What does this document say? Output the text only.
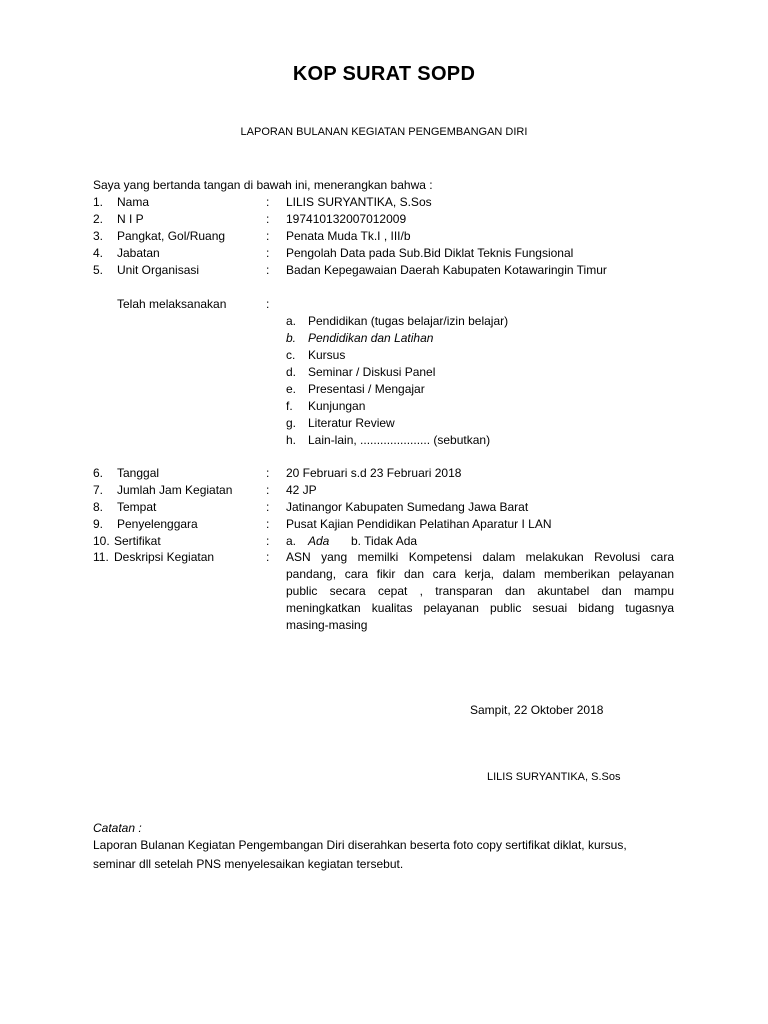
KOP SURAT SOPD
LAPORAN BULANAN KEGIATAN PENGEMBANGAN DIRI
Saya yang bertanda tangan di bawah ini, menerangkan bahwa :
1. Nama	: LILIS SURYANTIKA, S.Sos
2. N I P	: 197410132007012009
3. Pangkat, Gol/Ruang	: Penata Muda Tk.I , III/b
4. Jabatan	: Pengolah Data pada Sub.Bid Diklat Teknis Fungsional
5. Unit Organisasi	: Badan Kepegawaian Daerah Kabupaten Kotawaringin Timur
Telah melaksanakan	:
a. Pendidikan (tugas belajar/izin belajar)
b. Pendidikan dan Latihan
c. Kursus
d. Seminar / Diskusi Panel
e. Presentasi / Mengajar
f. Kunjungan
g. Literatur Review
h. Lain-lain, ..................... (sebutkan)
6. Tanggal	: 20 Februari s.d 23 Februari 2018
7. Jumlah Jam Kegiatan	: 42 JP
8. Tempat	: Jatinangor Kabupaten Sumedang Jawa Barat
9. Penyelenggara	: Pusat Kajian Pendidikan Pelatihan Aparatur I LAN
10. Sertifikat	: a. Ada b. Tidak Ada
11. Deskripsi Kegiatan	: ASN yang memilki Kompetensi dalam melakukan Revolusi cara
pandang, cara fikir dan cara kerja, dalam memberikan pelayanan
public secara cepat , transparan dan akuntabel dan mampu
meningkatkan kualitas pelayanan public sesuai bidang tugasnya
masing-masing
Sampit, 22 Oktober 2018
LILIS SURYANTIKA, S.Sos
Catatan :
Laporan Bulanan Kegiatan Pengembangan Diri diserahkan beserta foto copy sertifikat diklat, kursus,
seminar dll setelah PNS menyelesaikan kegiatan tersebut.
